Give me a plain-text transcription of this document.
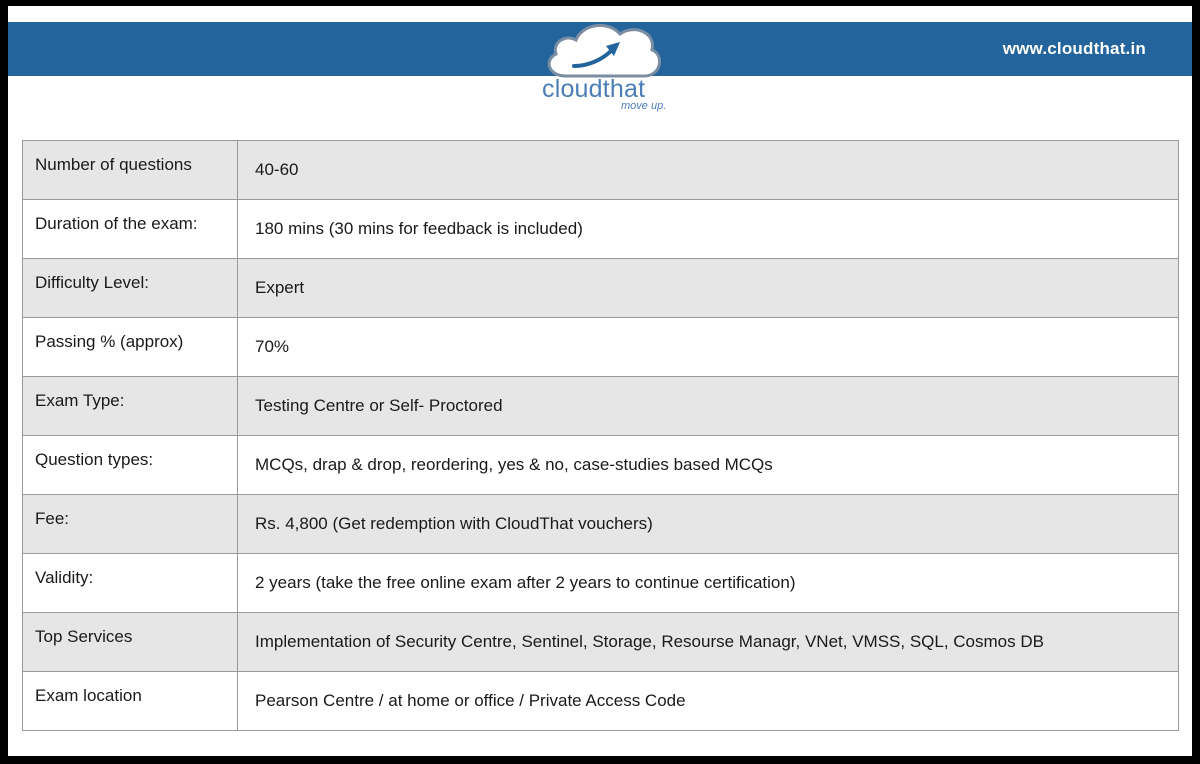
www.cloudthat.in
cloudthat
move up.
Number of questions	40-60
Duration of the exam:	180 mins (30 mins for feedback is included)
Difficulty Level:	Expert
Passing % (approx)	70%
Exam Type:	Testing Centre or Self- Proctored
Question types:	MCQs, drap & drop, reordering, yes & no, case-studies based MCQs
Fee:	Rs. 4,800 (Get redemption with CloudThat vouchers)
Validity:	2 years (take the free online exam after 2 years to continue certification)
Top Services	Implementation of Security Centre, Sentinel, Storage, Resourse Managr, VNet, VMSS, SQL, Cosmos DB
Exam location	Pearson Centre / at home or office / Private Access Code
